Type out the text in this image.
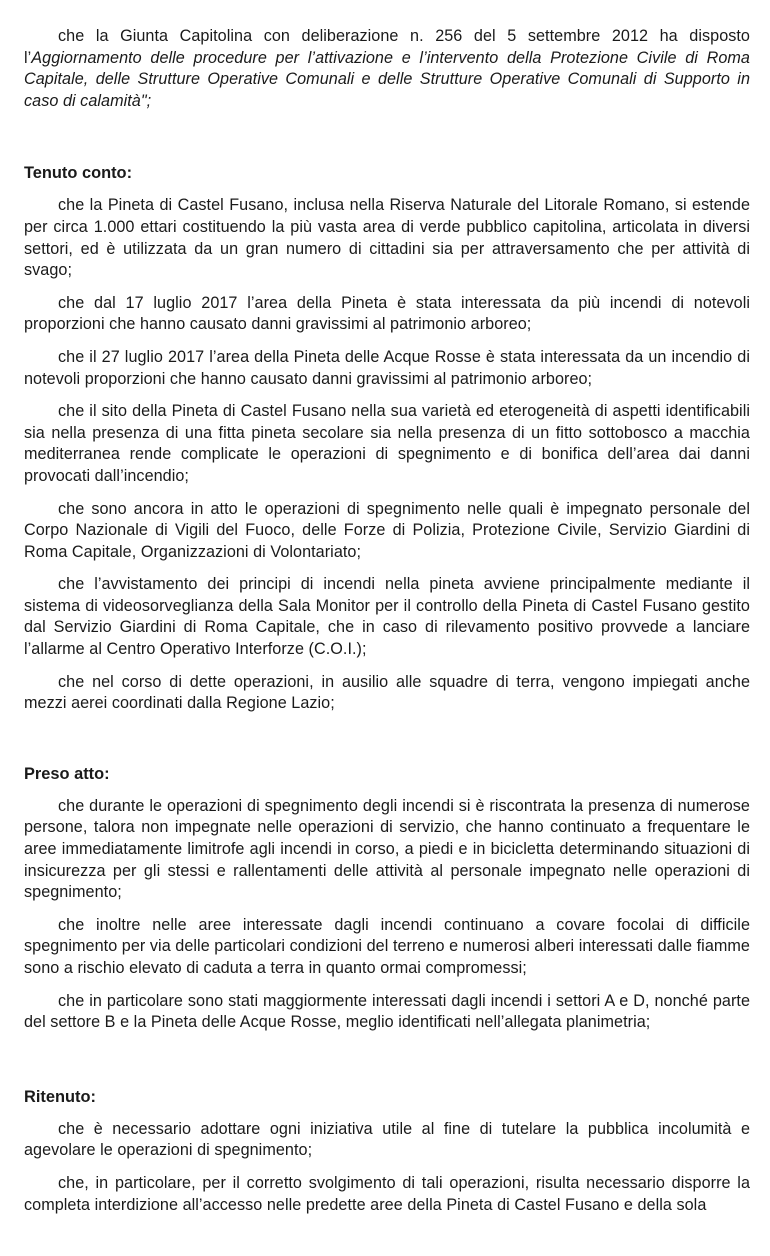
che la Giunta Capitolina con deliberazione n. 256 del 5 settembre 2012 ha disposto l’Aggiornamento delle procedure per l’attivazione e l’intervento della Protezione Civile di Roma Capitale, delle Strutture Operative Comunali e delle Strutture Operative Comunali di Supporto in caso di calamità";

Tenuto conto:

che la Pineta di Castel Fusano, inclusa nella Riserva Naturale del Litorale Romano, si estende per circa 1.000 ettari costituendo la più vasta area di verde pubblico capitolina, articolata in diversi settori, ed è utilizzata da un gran numero di cittadini sia per attraversamento che per attività di svago;

che dal 17 luglio 2017 l’area della Pineta è stata interessata da più incendi di notevoli proporzioni che hanno causato danni gravissimi al patrimonio arboreo;

che il 27 luglio 2017 l’area della Pineta delle Acque Rosse è stata interessata da un incendio di notevoli proporzioni che hanno causato danni gravissimi al patrimonio arboreo;

che il sito della Pineta di Castel Fusano nella sua varietà ed eterogeneità di aspetti identificabili sia nella presenza di una fitta pineta secolare sia nella presenza di un fitto sottobosco a macchia mediterranea rende complicate le operazioni di spegnimento e di bonifica dell’area dai danni provocati dall’incendio;

che sono ancora in atto le operazioni di spegnimento nelle quali è impegnato personale del Corpo Nazionale di Vigili del Fuoco, delle Forze di Polizia, Protezione Civile, Servizio Giardini di Roma Capitale, Organizzazioni di Volontariato;

che l’avvistamento dei principi di incendi nella pineta avviene principalmente mediante il sistema di videosorveglianza della Sala Monitor per il controllo della Pineta di Castel Fusano gestito dal Servizio Giardini di Roma Capitale, che in caso di rilevamento positivo provvede a lanciare l’allarme al Centro Operativo Interforze (C.O.I.);

che nel corso di dette operazioni, in ausilio alle squadre di terra, vengono impiegati anche mezzi aerei coordinati dalla Regione Lazio;

Preso atto:

che durante le operazioni di spegnimento degli incendi si è riscontrata la presenza di numerose persone, talora non impegnate nelle operazioni di servizio, che hanno continuato a frequentare le aree immediatamente limitrofe agli incendi in corso, a piedi e in bicicletta determinando situazioni di insicurezza per gli stessi e rallentamenti delle attività al personale impegnato nelle operazioni di spegnimento;

che inoltre nelle aree interessate dagli incendi continuano a covare focolai di difficile spegnimento per via delle particolari condizioni del terreno e numerosi alberi interessati dalle fiamme sono a rischio elevato di caduta a terra in quanto ormai compromessi;

che in particolare sono stati maggiormente interessati dagli incendi i settori A e D, nonché parte del settore B e la Pineta delle Acque Rosse, meglio identificati nell’allegata planimetria;

Ritenuto:

che è necessario adottare ogni iniziativa utile al fine di tutelare la pubblica incolumità e agevolare le operazioni di spegnimento;

che, in particolare, per il corretto svolgimento di tali operazioni, risulta necessario disporre la completa interdizione all’accesso nelle predette aree della Pineta di Castel Fusano e della sola
